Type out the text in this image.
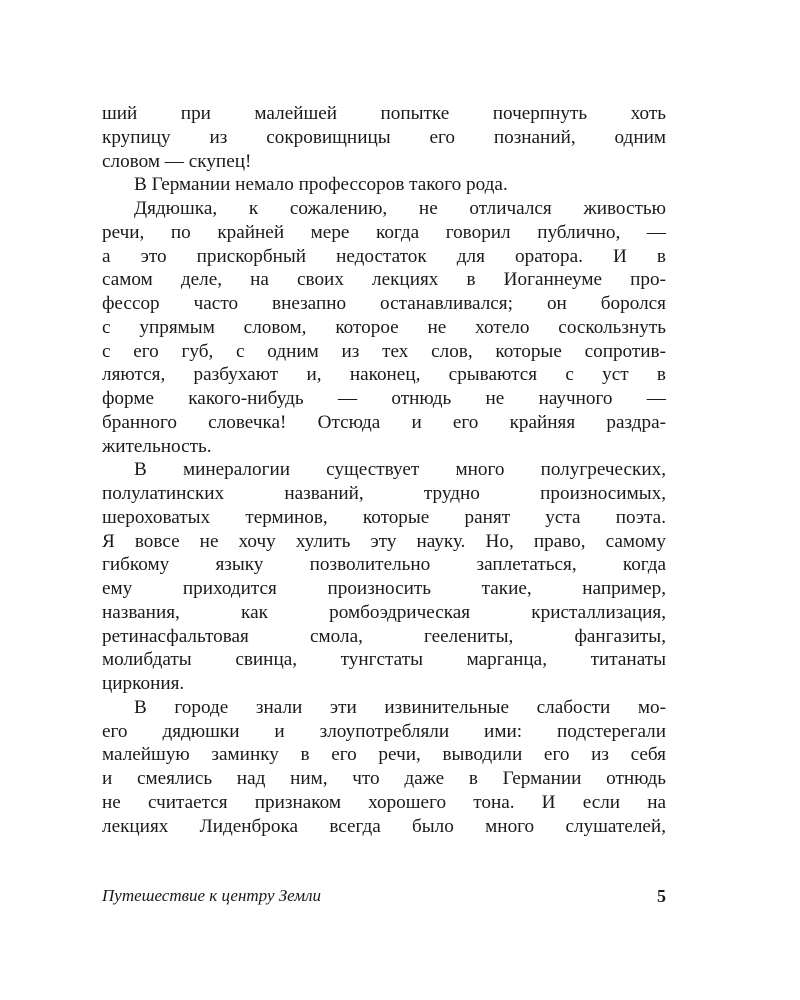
ший при малейшей попытке почерпнуть хоть
крупицу из сокровищницы его познаний, одним
словом — скупец!
В Германии немало профессоров такого рода.
Дядюшка, к сожалению, не отличался живостью
речи, по крайней мере когда говорил публично, —
а это прискорбный недостаток для оратора. И в
самом деле, на своих лекциях в Иоганнеуме про-
фессор часто внезапно останавливался; он боролся
с упрямым словом, которое не хотело соскользнуть
с его губ, с одним из тех слов, которые сопротив-
ляются, разбухают и, наконец, срываются с уст в
форме какого-нибудь — отнюдь не научного —
бранного словечка! Отсюда и его крайняя раздра-
жительность.
В минералогии существует много полугреческих,
полулатинских названий, трудно произносимых,
шероховатых терминов, которые ранят уста поэта.
Я вовсе не хочу хулить эту науку. Но, право, самому
гибкому языку позволительно заплетаться, когда
ему приходится произносить такие, например,
названия, как ромбоэдрическая кристаллизация,
ретинасфальтовая смола, геелениты, фангазиты,
молибдаты свинца, тунгстаты марганца, титанаты
циркония.
В городе знали эти извинительные слабости мо-
его дядюшки и злоупотребляли ими: подстерегали
малейшую заминку в его речи, выводили его из себя
и смеялись над ним, что даже в Германии отнюдь
не считается признаком хорошего тона. И если на
лекциях Лиденброка всегда было много слушателей,
Путешествие к центру Земли	5
